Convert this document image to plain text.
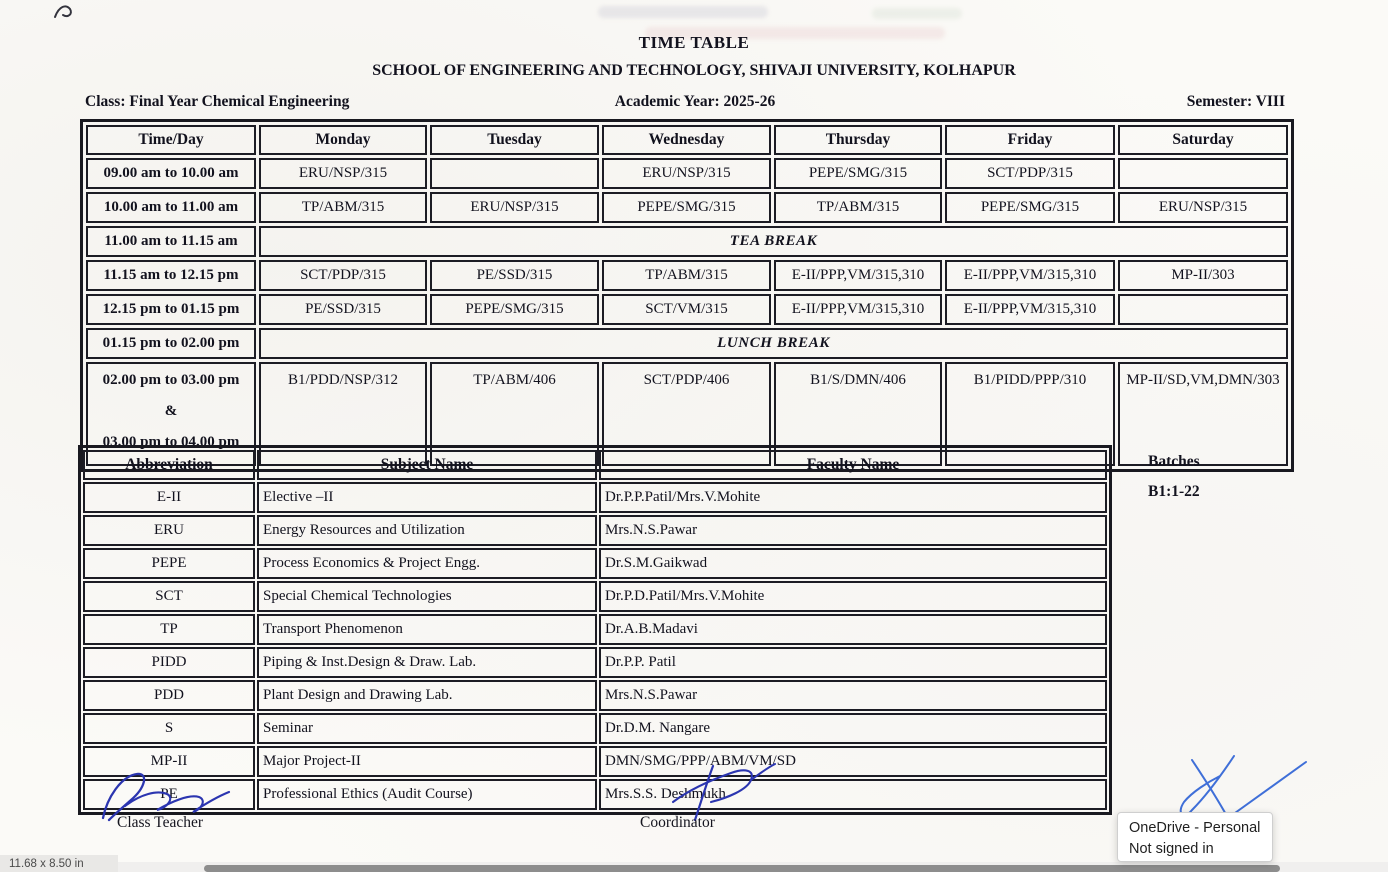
TIME TABLE
SCHOOL OF ENGINEERING AND TECHNOLOGY, SHIVAJI UNIVERSITY, KOLHAPUR
Class: Final Year Chemical Engineering	Academic Year: 2025-26	Semester: VIII
Time/Day	Monday	Tuesday	Wednesday	Thursday	Friday	Saturday

09.00 am to 10.00 am	ERU/NSP/315		ERU/NSP/315	PEPE/SMG/315	SCT/PDP/315	

10.00 am to 11.00 am	TP/ABM/315	ERU/NSP/315	PEPE/SMG/315	TP/ABM/315	PEPE/SMG/315	ERU/NSP/315

11.00 am to 11.15 am	TEA BREAK					

11.15 am to 12.15 pm	SCT/PDP/315	PE/SSD/315	TP/ABM/315	E-II/PPP,VM/315,310	E-II/PPP,VM/315,310	MP-II/303

12.15 pm to 01.15 pm	PE/SSD/315	PEPE/SMG/315	SCT/VM/315	E-II/PPP,VM/315,310	E-II/PPP,VM/315,310	

01.15 pm to 02.00 pm	LUNCH BREAK					

02.00 pm to 03.00 pm
&
03.00 pm to 04.00 pm	B1/PDD/NSP/312	TP/ABM/406	SCT/PDP/406	B1/S/DMN/406	B1/PIDD/PPP/310	MP-II/SD,VM,DMN/303
Abbreviation	Subject Name	Faculty Name
E-II	Elective –II	Dr.P.P.Patil/Mrs.V.Mohite
ERU	Energy Resources and Utilization	Mrs.N.S.Pawar
PEPE	Process Economics & Project Engg.	Dr.S.M.Gaikwad
SCT	Special Chemical Technologies	Dr.P.D.Patil/Mrs.V.Mohite
TP	Transport Phenomenon	Dr.A.B.Madavi
PIDD	Piping & Inst.Design & Draw. Lab.	Dr.P.P. Patil
PDD	Plant Design and Drawing Lab.	Mrs.N.S.Pawar
S	Seminar	Dr.D.M. Nangare
MP-II	Major Project-II	DMN/SMG/PPP/ABM/VM/SD
PE	Professional Ethics (Audit Course)	Mrs.S.S. Deshmukh
Batches
B1:1-22
Class Teacher	Coordinator	OneDrive - Personal
Not signed in
11.68 x 8.50 in
